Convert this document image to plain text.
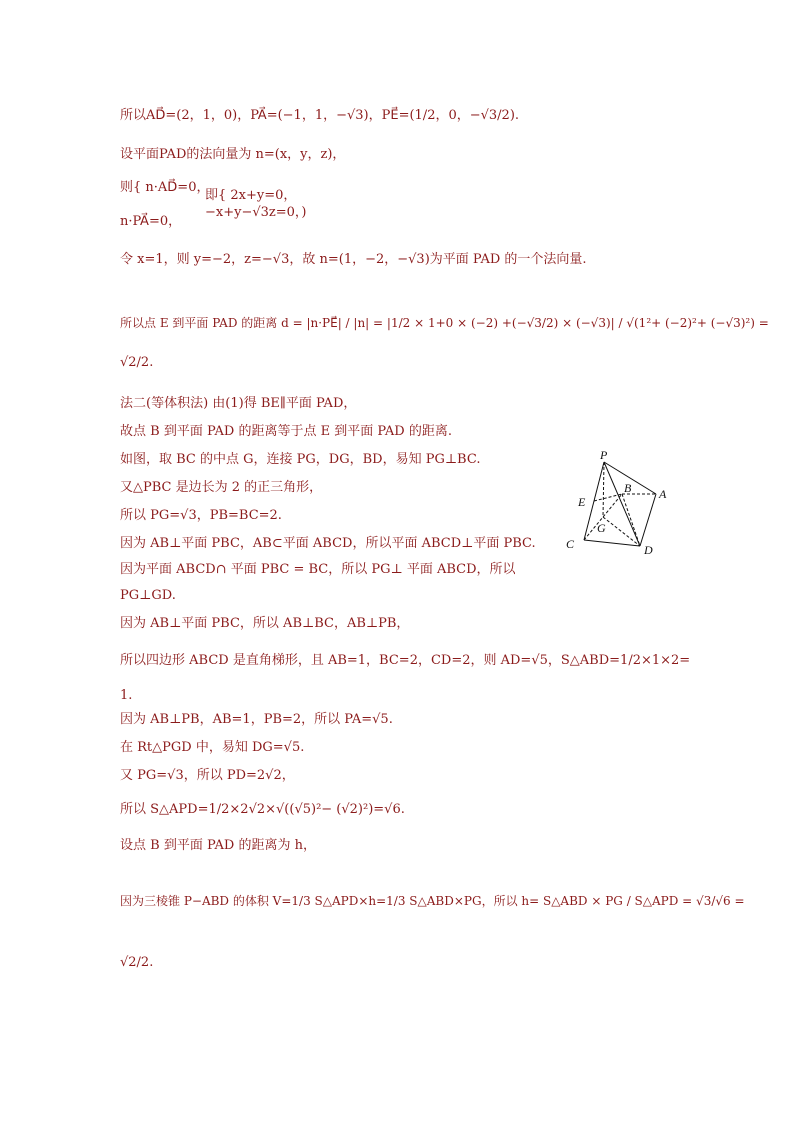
所以AD⃗=(2，1，0)，PA⃗=(−1，1，−√3)，PE⃗=(1/2，0，−√3/2).
设平面PAD的法向量为 n=(x，y，z)，
则{ n·AD⃗=0，
n·PA⃗=0，
即{ 2x+y=0，
−x+y−√3z=0，)
令 x=1，则 y=−2，z=−√3，故 n=(1，−2，−√3)为平面 PAD 的一个法向量.
所以点 E 到平面 PAD 的距离 d = |n·PE⃗| / |n| = |1/2 × 1+0 × (−2) +(−√3/2) × (−√3)| / √(1²+ (−2)²+ (−√3)²) =
√2/2.
法二(等体积法) 由(1)得 BE∥平面 PAD，
故点 B 到平面 PAD 的距离等于点 E 到平面 PAD 的距离.
如图，取 BC 的中点 G，连接 PG，DG，BD，易知 PG⊥BC.
又△PBC 是边长为 2 的正三角形，
所以 PG=√3，PB=BC=2.
因为 AB⊥平面 PBC，AB⊂平面 ABCD，所以平面 ABCD⊥平面 PBC.
因为平面 ABCD∩ 平面 PBC = BC，所以 PG⊥ 平面 ABCD，所以
PG⊥GD.
因为 AB⊥平面 PBC，所以 AB⊥BC，AB⊥PB，
所以四边形 ABCD 是直角梯形，且 AB=1，BC=2，CD=2，则 AD=√5，S△ABD=1/2×1×2=
1.
因为 AB⊥PB，AB=1，PB=2，所以 PA=√5.
在 Rt△PGD 中，易知 DG=√5.
又 PG=√3，所以 PD=2√2，
所以 S△APD=1/2×2√2×√((√5)²− (√2)²)=√6.
设点 B 到平面 PAD 的距离为 h，
因为三棱锥 P−ABD 的体积 V=1/3 S△APD×h=1/3 S△ABD×PG，所以 h= S△ABD × PG / S△APD = √3/√6 =
√2/2.
P
E
B A
G
C	D
